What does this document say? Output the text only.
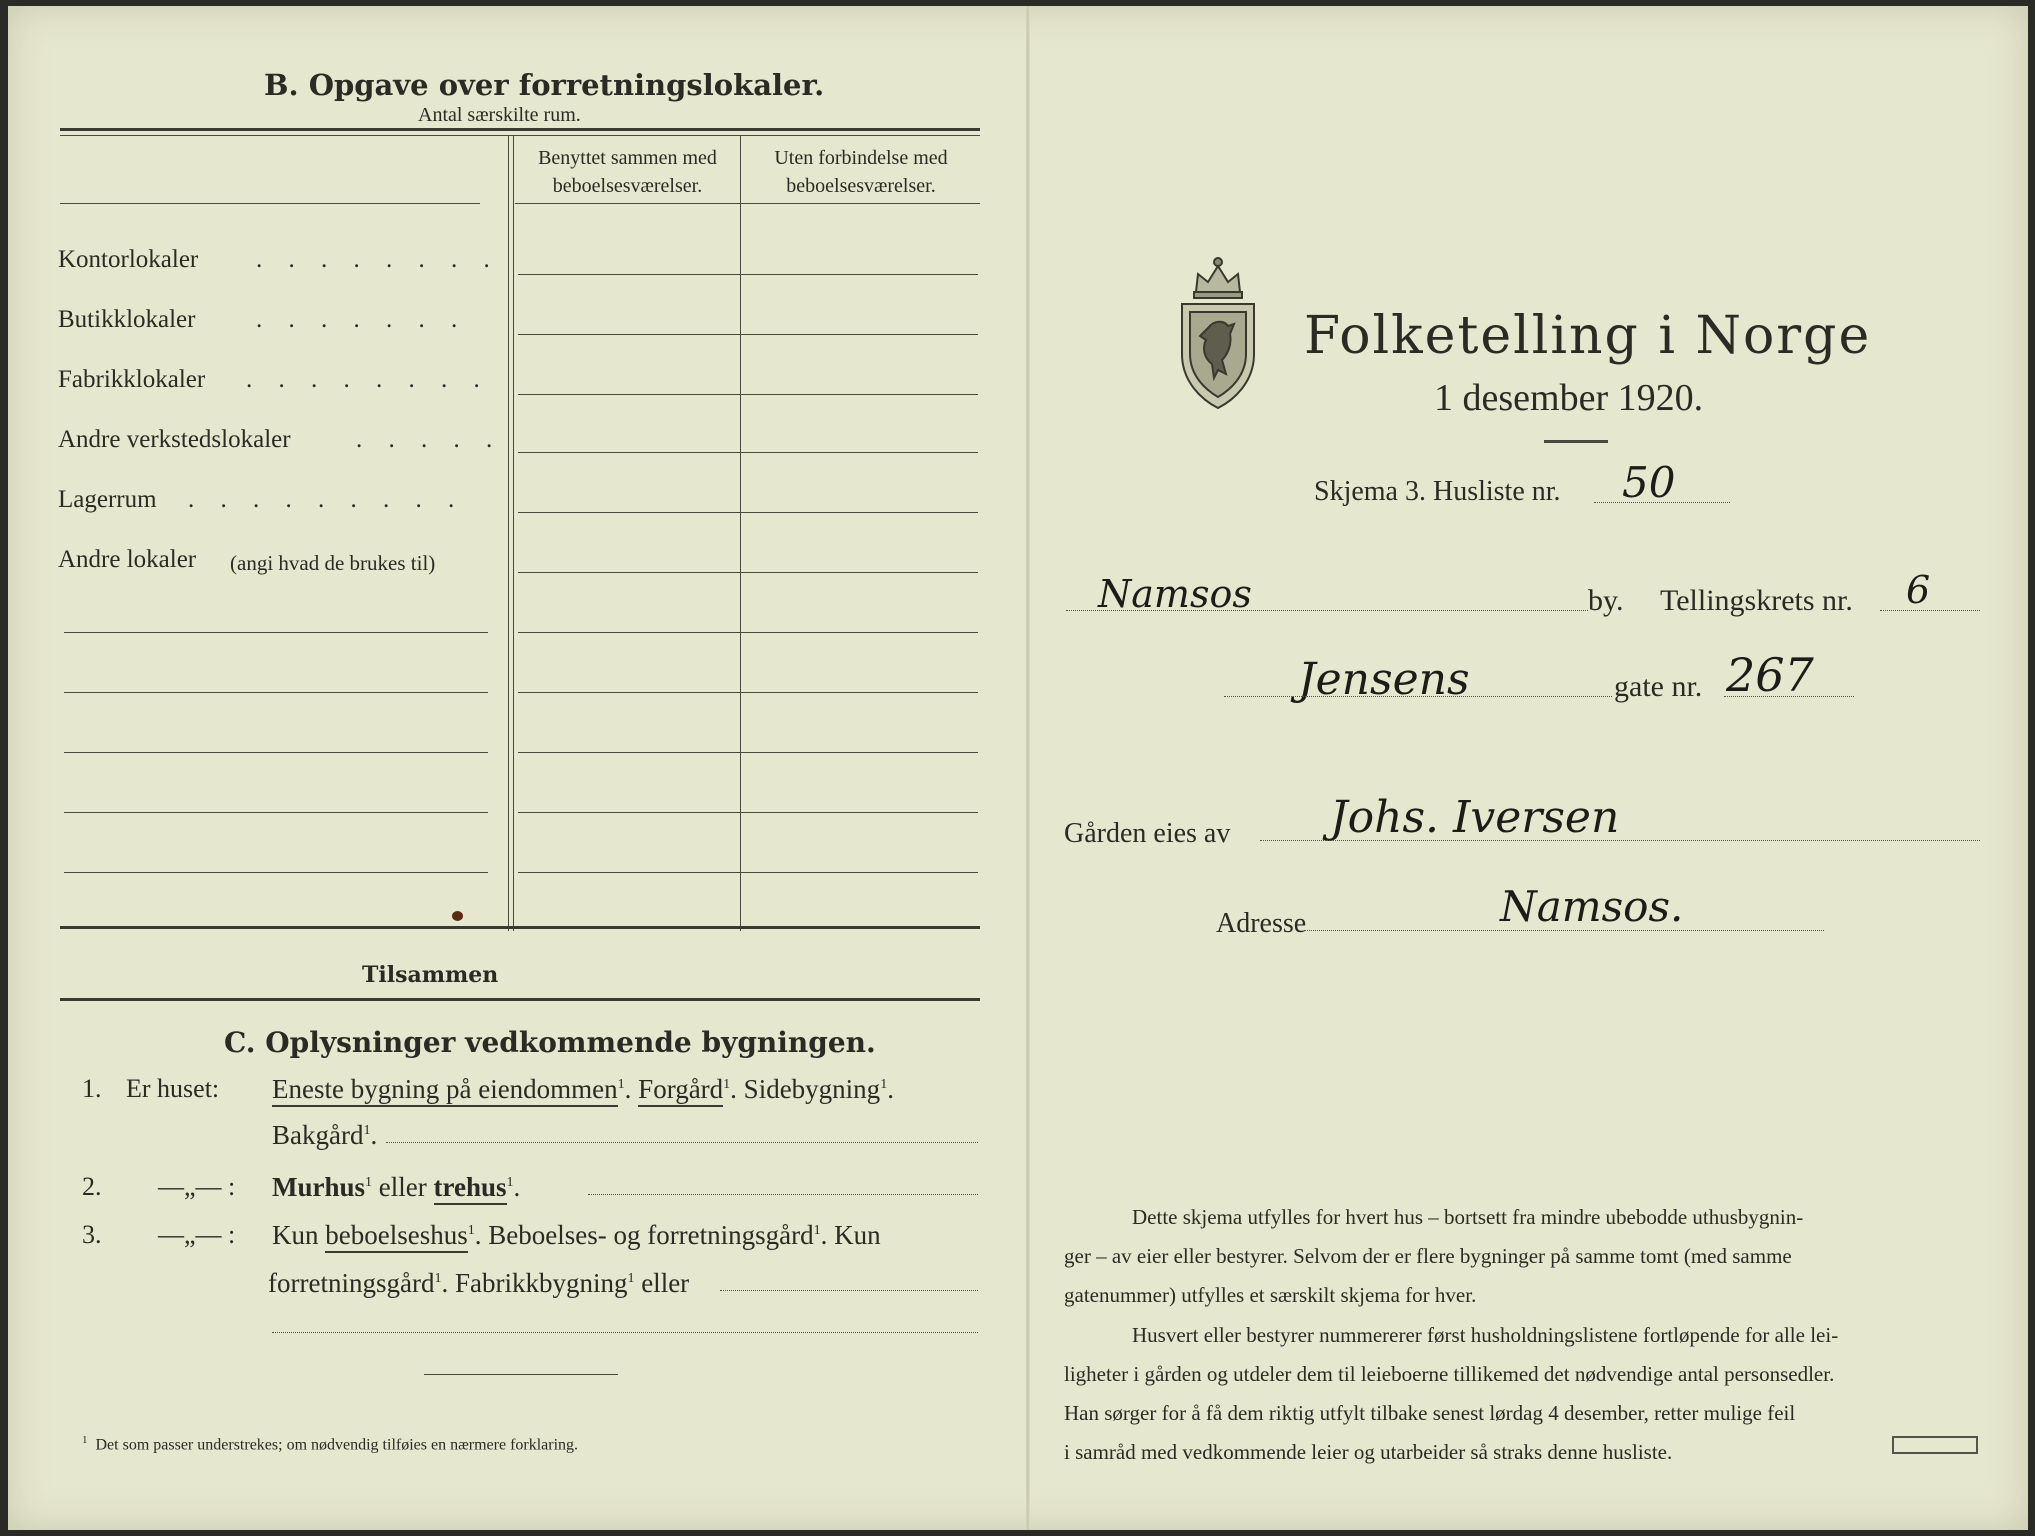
B. Opgave over forretningslokaler.
Antal særskilte rum.
Benyttet sammen med beboelsesværelser.
Uten forbindelse med beboelsesværelser.
Kontorlokaler . . . . . . . .
Butikklokaler . . . . . . .
Fabrikklokaler . . . . . . . .
Andre verkstedslokaler	. . . . .
Lagerrum . . . . . . . . .
Andre lokaler (angi hvad de brukes til)
Tilsammen
C. Oplysninger vedkommende bygningen.
1. Er huset: Eneste bygning på eiendommen$^1$. Forgård$^1$. Sidebygning$^1$.
Bakgård$^1$.
2. —„— : Murhus$^1$ eller trehus$^1$.
3. —„— : Kun beboelseshus$^1$. Beboelses- og forretningsgård$^1$. Kun
forretningsgård$^1$. Fabrikkbygning$^1$ eller
$^1$ Det som passer understrekes; om nødvendig tilføies en nærmere forklaring.
Folketelling i Norge
1 desember 1920.
Skjema 3. Husliste nr. 50
Namsos	by. Tellingskrets nr. 6
Jensens	gate nr. 267
Gården eies av Johs. Iversen
Adresse	Namsos.
Dette skjema utfylles for hvert hus – bortsett fra mindre ubebodde uthusbygnin-
ger – av eier eller bestyrer. Selvom der er flere bygninger på samme tomt (med samme
gatenummer) utfylles et særskilt skjema for hver.
Husvert eller bestyrer nummererer først husholdningslistene fortløpende for alle lei-
ligheter i gården og utdeler dem til leieboerne tillikemed det nødvendige antal personsedler.
Han sørger for å få dem riktig utfylt tilbake senest lørdag 4 desember, retter mulige feil
i samråd med vedkommende leier og utarbeider så straks denne husliste.
